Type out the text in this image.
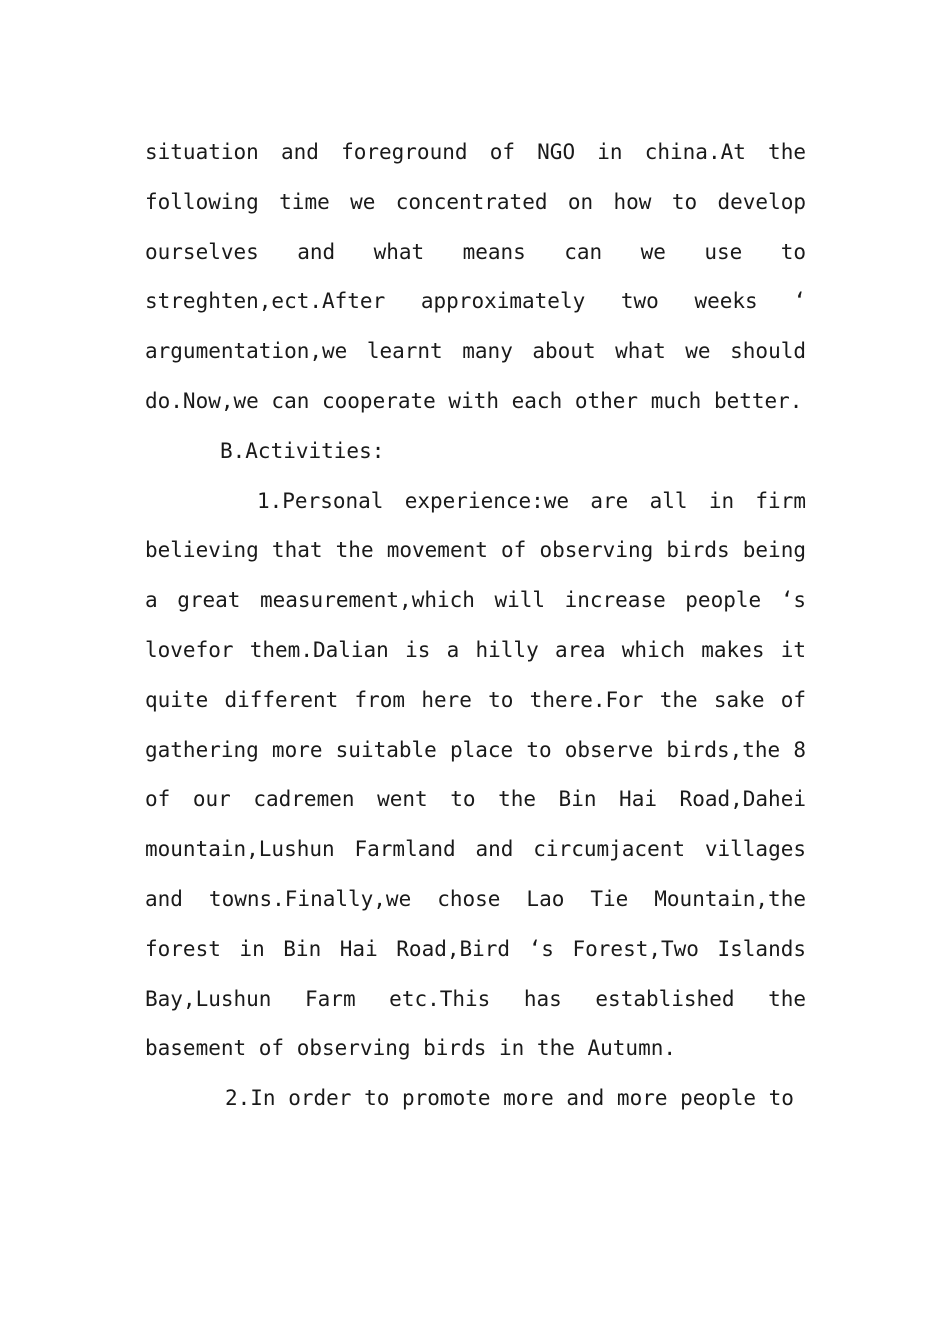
situation and foreground of NGO in china.At the following time we concentrated on how to develop ourselves and what means can we use to streghten,ect.After approximately two weeks ‘ argumentation,we learnt many about what we should do.Now,we can cooperate with each other much better.

B.Activities:

1.Personal experience:we are all in firm believing that the movement of observing birds being a great measurement,which will increase people ‘s lovefor them.Dalian is a hilly area which makes it quite different from here to there.For the sake of gathering more suitable place to observe birds,the 8 of our cadremen went to the Bin Hai Road,Dahei mountain,Lushun Farmland and circumjacent villages and towns.Finally,we chose Lao Tie Mountain,the forest in Bin Hai Road,Bird ‘s Forest,Two Islands Bay,Lushun Farm etc.This has established the basement of observing birds in the Autumn.

2.In order to promote more and more people to
